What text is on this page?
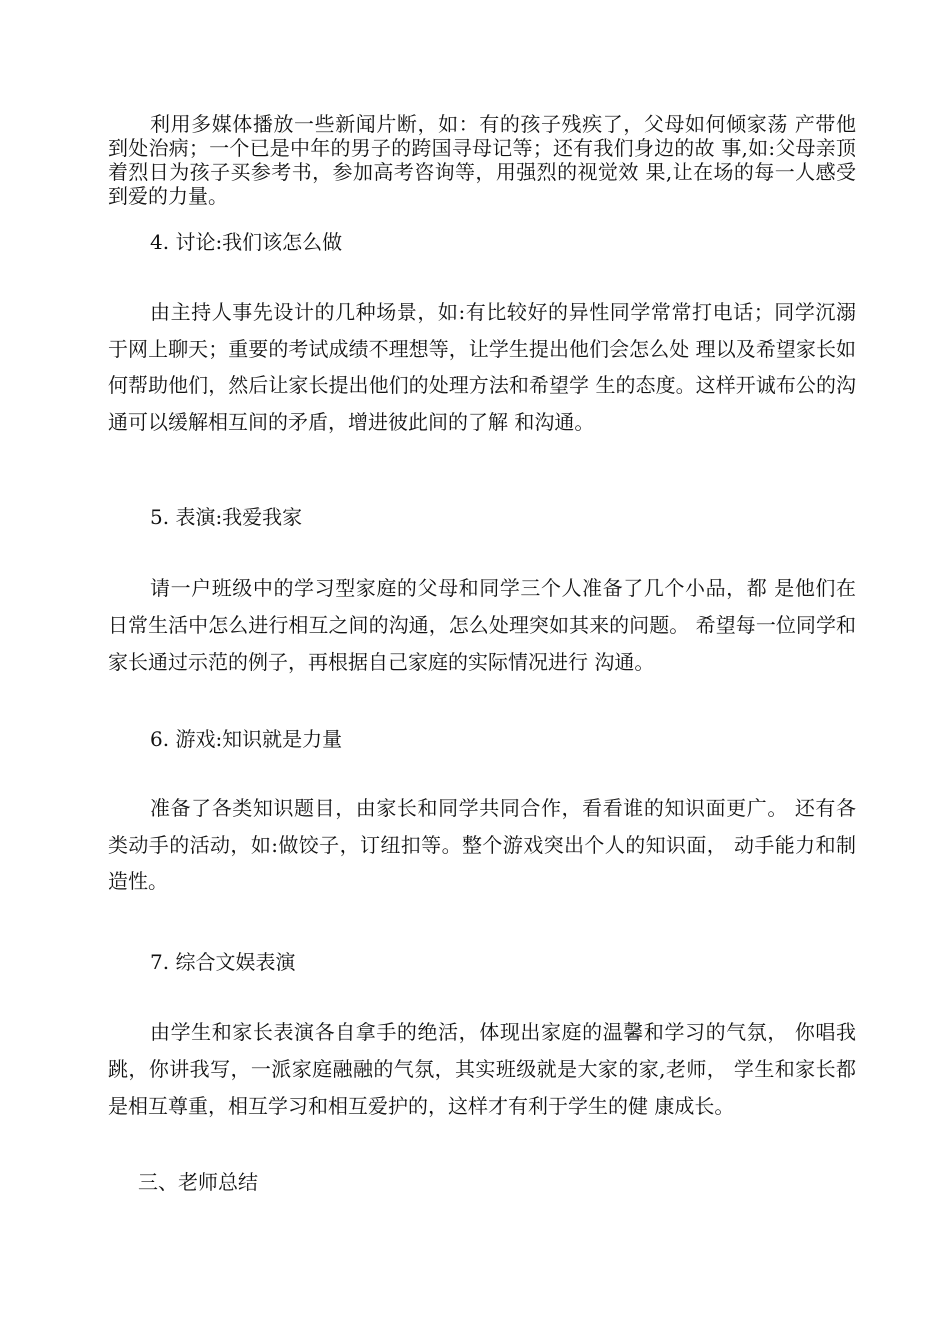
利用多媒体播放一些新闻片断，如：有的孩子残疾了，父母如何倾家荡 产带他到处治病；一个已是中年的男子的跨国寻母记等；还有我们身边的故 事,如:父母亲顶着烈日为孩子买参考书，参加高考咨询等，用强烈的视觉效 果,让在场的每一人感受到爱的力量。

4. 讨论:我们该怎么做

由主持人事先设计的几种场景，如:有比较好的异性同学常常打电话；同学沉溺于网上聊天；重要的考试成绩不理想等，让学生提出他们会怎么处 理以及希望家长如何帮助他们，然后让家长提出他们的处理方法和希望学 生的态度。这样开诚布公的沟通可以缓解相互间的矛盾，增进彼此间的了解 和沟通。

5. 表演:我爱我家

请一户班级中的学习型家庭的父母和同学三个人准备了几个小品，都 是他们在日常生活中怎么进行相互之间的沟通，怎么处理突如其来的问题。 希望每一位同学和家长通过示范的例子，再根据自己家庭的实际情况进行 沟通。

6. 游戏:知识就是力量

准备了各类知识题目，由家长和同学共同合作，看看谁的知识面更广。 还有各类动手的活动，如:做饺子，订纽扣等。整个游戏突出个人的知识面， 动手能力和制造性。

7. 综合文娱表演

由学生和家长表演各自拿手的绝活，体现出家庭的温馨和学习的气氛， 你唱我跳，你讲我写，一派家庭融融的气氛，其实班级就是大家的家,老师， 学生和家长都是相互尊重，相互学习和相互爱护的，这样才有利于学生的健 康成长。

三、老师总结
